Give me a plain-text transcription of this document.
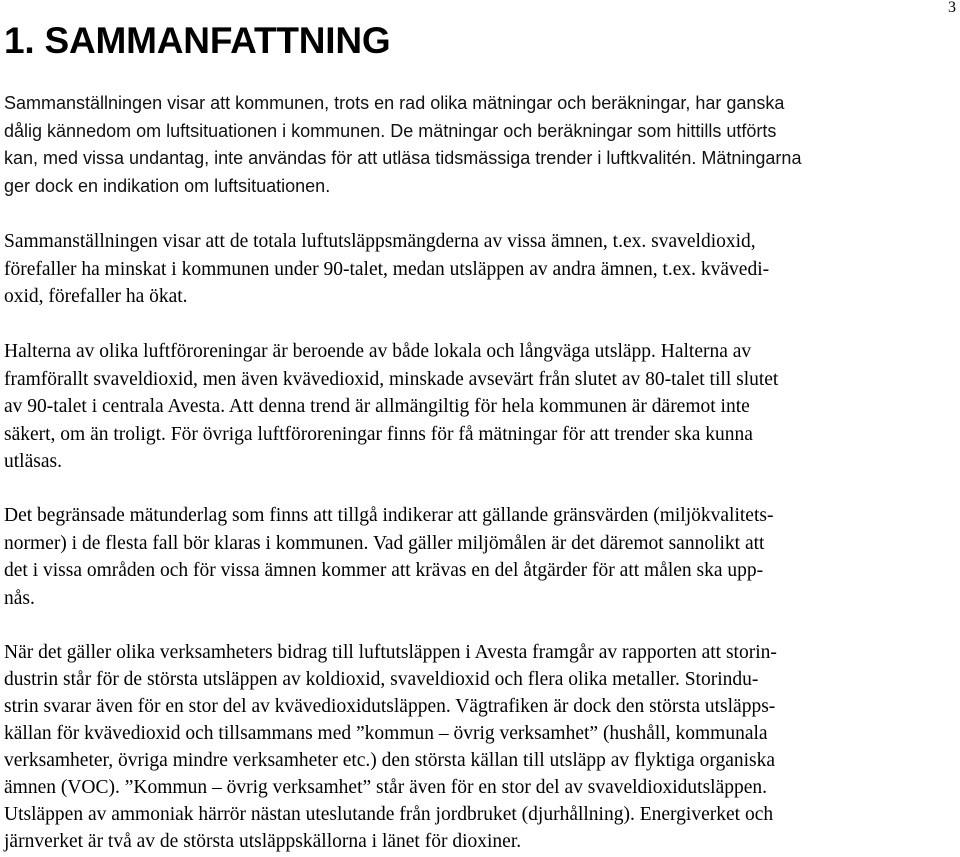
3
1. SAMMANFATTNING

Sammanställningen visar att kommunen, trots en rad olika mätningar och beräkningar, har ganska
dålig kännedom om luftsituationen i kommunen. De mätningar och beräkningar som hittills utförts
kan, med vissa undantag, inte användas för att utläsa tidsmässiga trender i luftkvalitén. Mätningarna
ger dock en indikation om luftsituationen.

Sammanställningen visar att de totala luftutsläppsmängderna av vissa ämnen, t.ex. svaveldioxid,
förefaller ha minskat i kommunen under 90-talet, medan utsläppen av andra ämnen, t.ex. kvävedi-
oxid, förefaller ha ökat.

Halterna av olika luftföroreningar är beroende av både lokala och långväga utsläpp. Halterna av
framförallt svaveldioxid, men även kvävedioxid, minskade avsevärt från slutet av 80-talet till slutet
av 90-talet i centrala Avesta. Att denna trend är allmängiltig för hela kommunen är däremot inte
säkert, om än troligt. För övriga luftföroreningar finns för få mätningar för att trender ska kunna
utläsas.

Det begränsade mätunderlag som finns att tillgå indikerar att gällande gränsvärden (miljökvalitets-
normer) i de flesta fall bör klaras i kommunen. Vad gäller miljömålen är det däremot sannolikt att
det i vissa områden och för vissa ämnen kommer att krävas en del åtgärder för att målen ska upp-
nås.

När det gäller olika verksamheters bidrag till luftutsläppen i Avesta framgår av rapporten att storin-
dustrin står för de största utsläppen av koldioxid, svaveldioxid och flera olika metaller. Storindu-
strin svarar även för en stor del av kvävedioxidutsläppen. Vägtrafiken är dock den största utsläpps-
källan för kvävedioxid och tillsammans med ”kommun – övrig verksamhet” (hushåll, kommunala
verksamheter, övriga mindre verksamheter etc.) den största källan till utsläpp av flyktiga organiska
ämnen (VOC). ”Kommun – övrig verksamhet” står även för en stor del av svaveldioxidutsläppen.
Utsläppen av ammoniak härrör nästan uteslutande från jordbruket (djurhållning). Energiverket och
järnverket är två av de största utsläppskällorna i länet för dioxiner.
